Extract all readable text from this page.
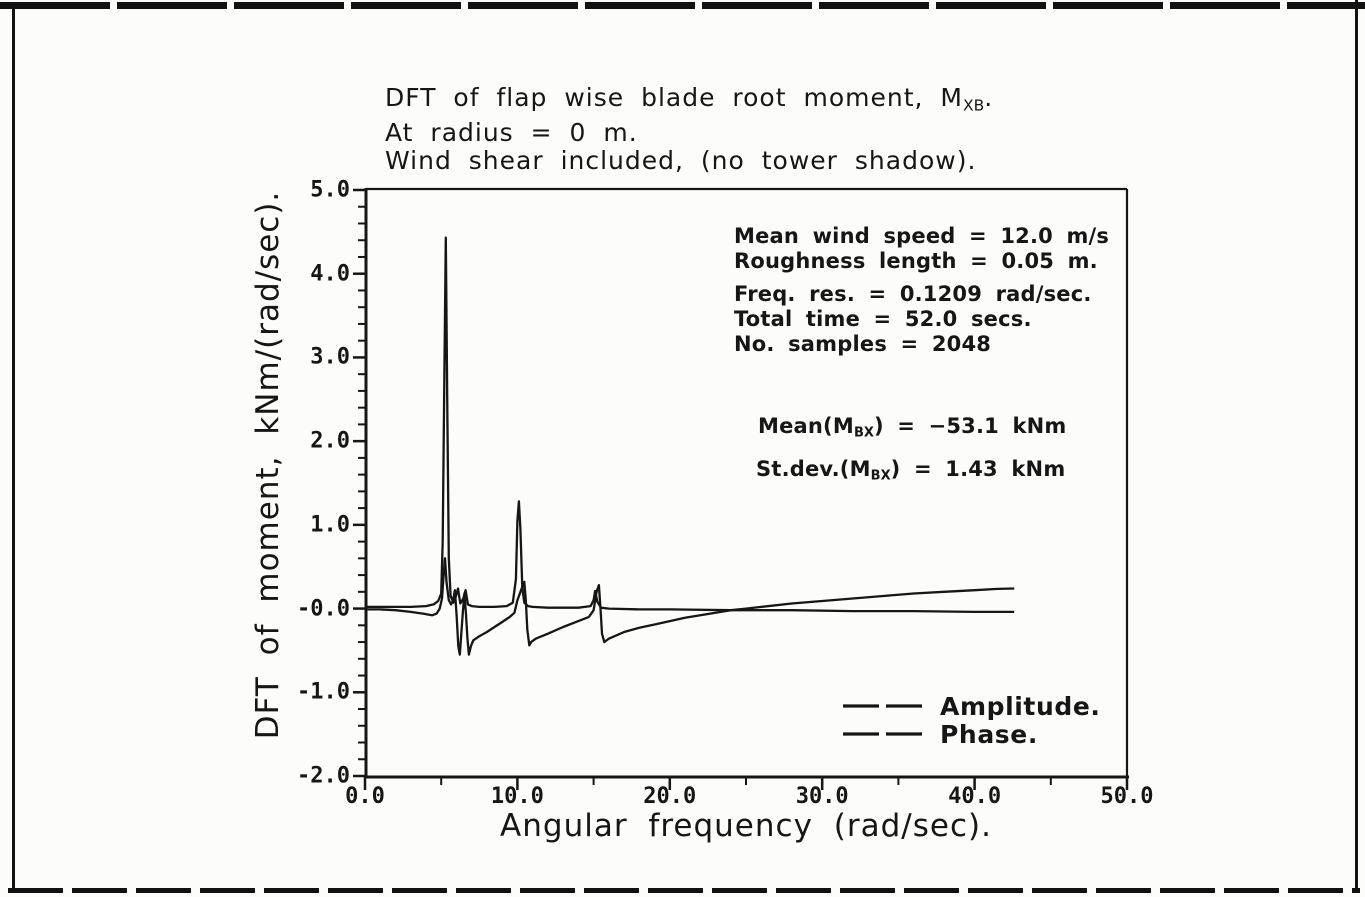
DFT of flap wise blade root moment, $M_{XB}$.
At radius = 0 m.
Wind shear included, (no tower shadow).
Mean wind speed = 12.0 m/s
Roughness length = 0.05 m.
Freq. res. = 0.1209 rad/sec.
Total time = 52.0 secs.
No. samples = 2048
$Mean(M_{BX}) = -53.1$ kNm
$St.dev.(M_{BX}) = 1.43$ kNm
Amplitude.
Phase.
Angular frequency (rad/sec).
DFT of moment, kNm/(rad/sec).
0.0	10.0	20.0	30.0	40.0	50.0
5.0
4.0
3.0
2.0
1.0
-0.0
-1.0
-2.0
